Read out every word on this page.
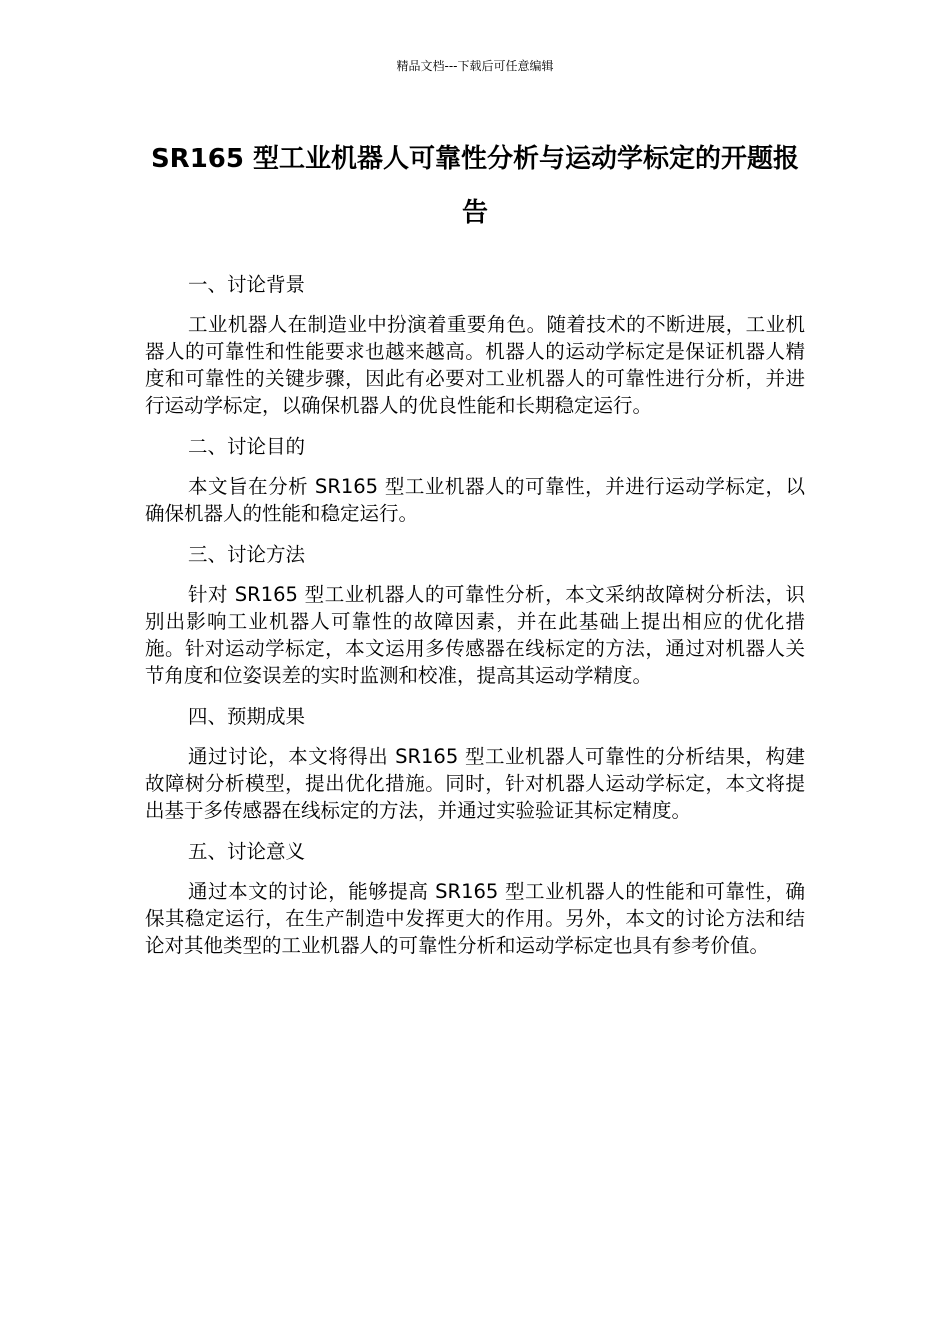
精品文档---下载后可任意编辑
SR165 型工业机器人可靠性分析与运动学标定的开题报告

一、讨论背景

工业机器人在制造业中扮演着重要角色。随着技术的不断进展，工业机器人的可靠性和性能要求也越来越高。机器人的运动学标定是保证机器人精度和可靠性的关键步骤，因此有必要对工业机器人的可靠性进行分析，并进行运动学标定，以确保机器人的优良性能和长期稳定运行。

二、讨论目的

本文旨在分析 SR165 型工业机器人的可靠性，并进行运动学标定，以确保机器人的性能和稳定运行。

三、讨论方法

针对 SR165 型工业机器人的可靠性分析，本文采纳故障树分析法，识别出影响工业机器人可靠性的故障因素，并在此基础上提出相应的优化措施。针对运动学标定，本文运用多传感器在线标定的方法，通过对机器人关节角度和位姿误差的实时监测和校准，提高其运动学精度。

四、预期成果

通过讨论，本文将得出 SR165 型工业机器人可靠性的分析结果，构建故障树分析模型，提出优化措施。同时，针对机器人运动学标定，本文将提出基于多传感器在线标定的方法，并通过实验验证其标定精度。

五、讨论意义

通过本文的讨论，能够提高 SR165 型工业机器人的性能和可靠性，确保其稳定运行，在生产制造中发挥更大的作用。另外，本文的讨论方法和结论对其他类型的工业机器人的可靠性分析和运动学标定也具有参考价值。
